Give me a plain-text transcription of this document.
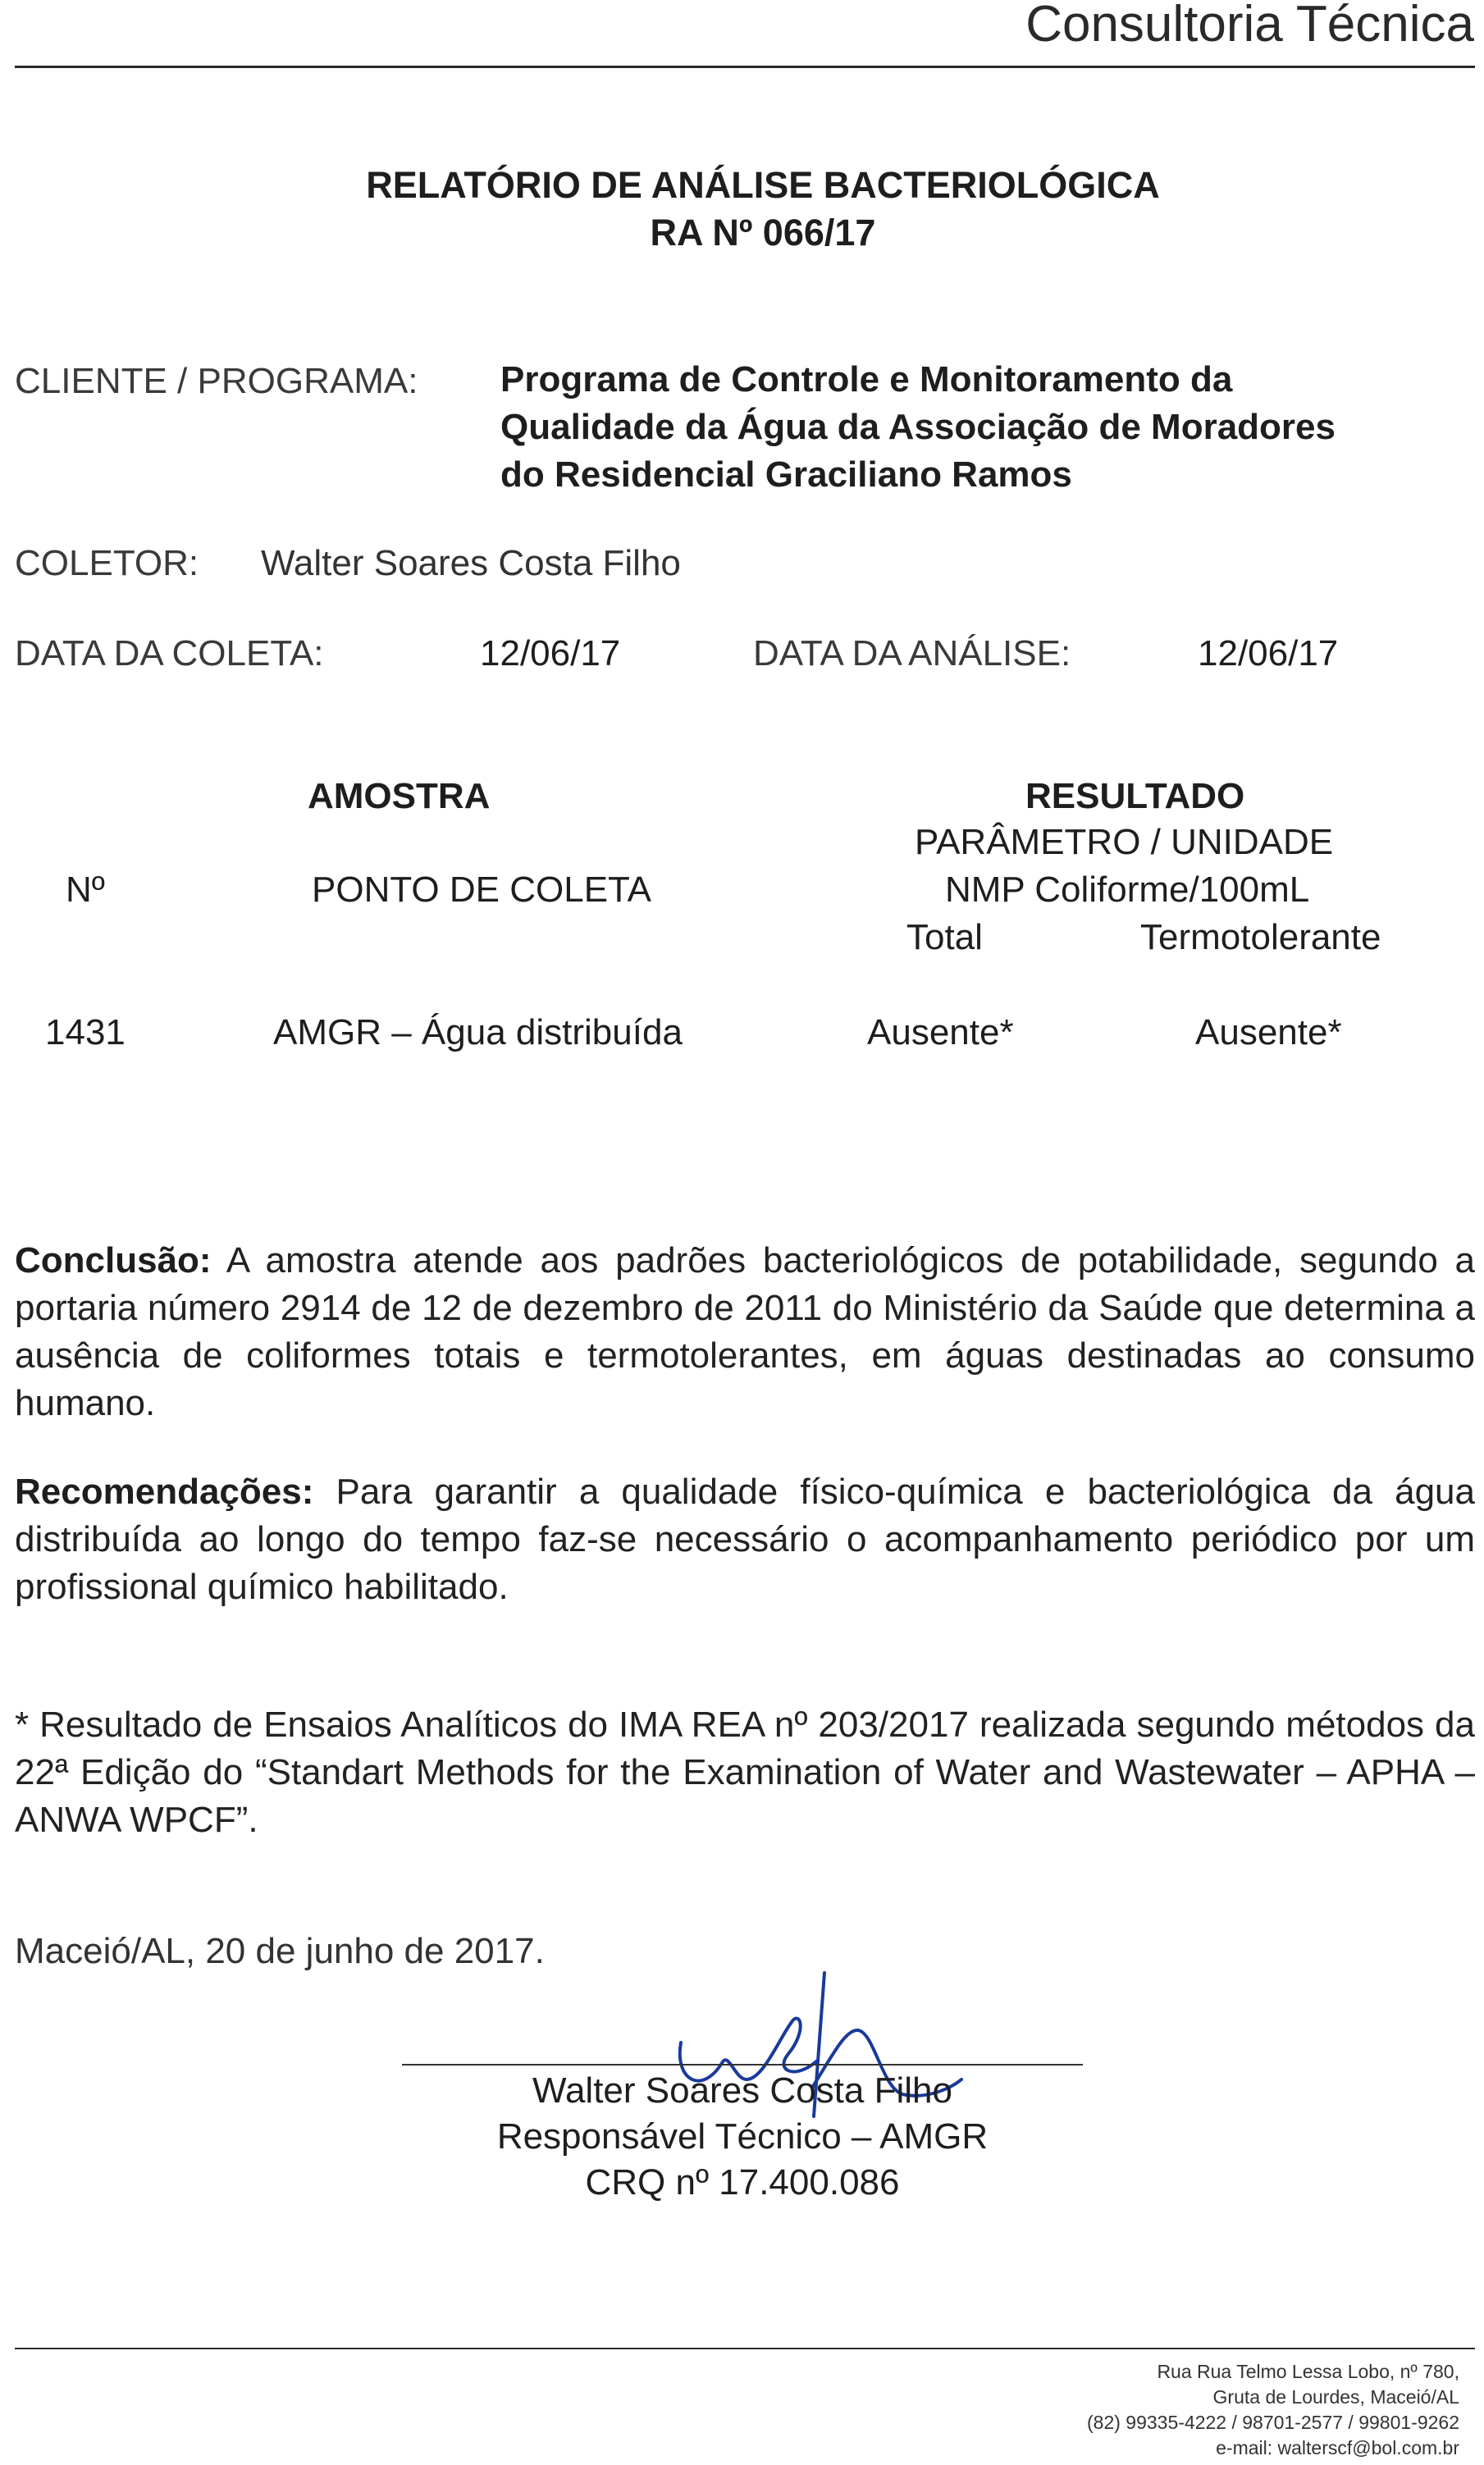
Consultoria Técnica
RELATÓRIO DE ANÁLISE BACTERIOLÓGICA
RA Nº 066/17
CLIENTE / PROGRAMA: Programa de Controle e Monitoramento da
Qualidade da Água da Associação de Moradores
do Residencial Graciliano Ramos
COLETOR: Walter Soares Costa Filho
DATA DA COLETA:	12/06/17	DATA DA ANÁLISE:	12/06/17
AMOSTRA	RESULTADO
PARÂMETRO / UNIDADE
Nº	PONTO DE COLETA	NMP Coliforme/100mL
Total	Termotolerante
1431	AMGR – Água distribuída	Ausente*	Ausente*
Conclusão: A amostra atende aos padrões bacteriológicos de potabilidade, segundo a portaria número 2914 de 12 de dezembro de 2011 do Ministério da Saúde que determina a ausência de coliformes totais e termotolerantes, em águas destinadas ao consumo humano.
Recomendações: Para garantir a qualidade físico-química e bacteriológica da água distribuída ao longo do tempo faz-se necessário o acompanhamento periódico por um profissional químico habilitado.
* Resultado de Ensaios Analíticos do IMA REA nº 203/2017 realizada segundo métodos da 22ª Edição do “Standart Methods for the Examination of Water and Wastewater – APHA – ANWA WPCF”.
Maceió/AL, 20 de junho de 2017.
Walter Soares Costa Filho
Responsável Técnico – AMGR
CRQ nº 17.400.086
Rua Rua Telmo Lessa Lobo, nº 780,
Gruta de Lourdes, Maceió/AL
(82) 99335-4222 / 98701-2577 / 99801-9262
e-mail: walterscf@bol.com.br
